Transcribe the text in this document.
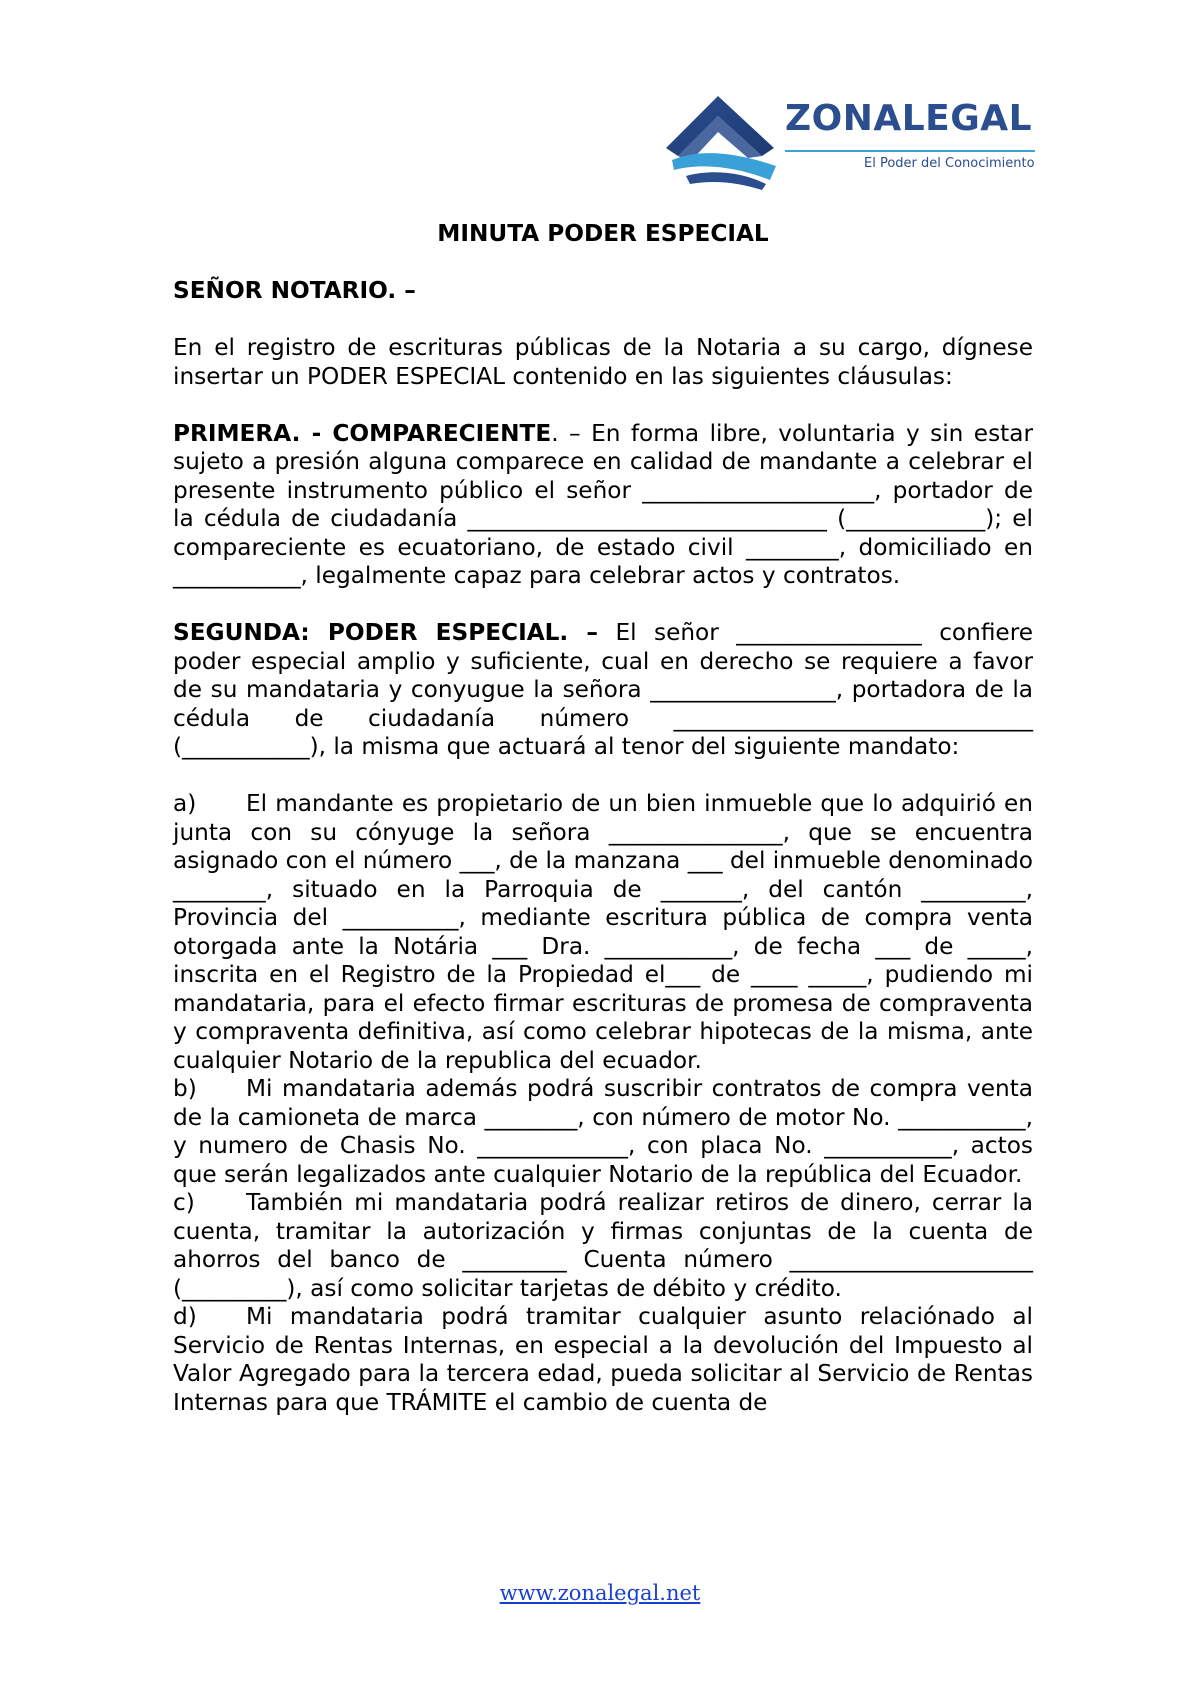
ZONALEGAL
El Poder del Conocimiento

MINUTA PODER ESPECIAL

SEÑOR NOTARIO. –

En el registro de escrituras públicas de la Notaria a su cargo, dígnese insertar un PODER ESPECIAL contenido en las siguientes cláusulas:

PRIMERA. - COMPARECIENTE. – En forma libre, voluntaria y sin estar sujeto a presión alguna comparece en calidad de mandante a celebrar el presente instrumento público el señor ____________________, portador de la cédula de ciudadanía _______________________________ (____________); el compareciente es ecuatoriano, de estado civil ________, domiciliado en ___________, legalmente capaz para celebrar actos y contratos.

SEGUNDA: PODER ESPECIAL. – El señor ________________ confiere poder especial amplio y suficiente, cual en derecho se requiere a favor de su mandataria y conyugue la señora ________________, portadora de la cédula de ciudadanía número _______________________________ (___________), la misma que actuará al tenor del siguiente mandato:

a) El mandante es propietario de un bien inmueble que lo adquirió en junta con su cónyuge la señora _______________, que se encuentra asignado con el número ___, de la manzana ___ del inmueble denominado ________, situado en la Parroquia de _______, del cantón _________, Provincia del __________, mediante escritura pública de compra venta otorgada ante la Notária ___ Dra. ___________, de fecha ___ de _____, inscrita en el Registro de la Propiedad el___ de ____ _____, pudiendo mi mandataria, para el efecto firmar escrituras de promesa de compraventa y compraventa definitiva, así como celebrar hipotecas de la misma, ante cualquier Notario de la republica del ecuador.

b) Mi mandataria además podrá suscribir contratos de compra venta de la camioneta de marca ________, con número de motor No. ___________, y numero de Chasis No. _____________, con placa No. ___________, actos que serán legalizados ante cualquier Notario de la república del Ecuador.

c) También mi mandataria podrá realizar retiros de dinero, cerrar la cuenta, tramitar la autorización y firmas conjuntas de la cuenta de ahorros del banco de _________ Cuenta número _____________________ (_________), así como solicitar tarjetas de débito y crédito.

d) Mi mandataria podrá tramitar cualquier asunto relaciónado al Servicio de Rentas Internas, en especial a la devolución del Impuesto al Valor Agregado para la tercera edad, pueda solicitar al Servicio de Rentas Internas para que TRÁMITE el cambio de cuenta de

www.zonalegal.net
